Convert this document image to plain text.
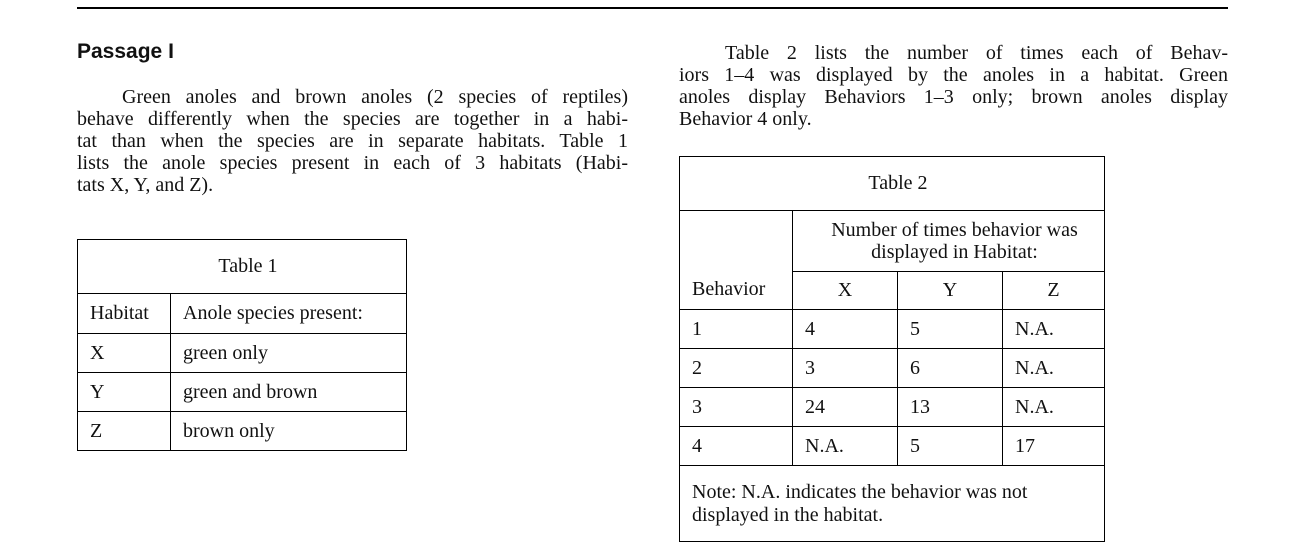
Passage I
Green anoles and brown anoles (2 species of reptiles)
behave differently when the species are together in a habi-
tat than when the species are in separate habitats. Table 1
lists the anole species present in each of 3 habitats (Habi-
tats X, Y, and Z).
Table 2 lists the number of times each of Behav-
iors 1–4 was displayed by the anoles in a habitat. Green
anoles display Behaviors 1–3 only; brown anoles display
Behavior 4 only.
Table 1	
Habitat	Anole species present:
X	green only
Y	green and brown
Z	brown only
Table 2			
Behavior	Number of times behavior was displayed in Habitat:		
	X	Y	Z
1	4	5	N.A.
2	3	6	N.A.
3	24	13	N.A.
4	N.A.	5	17
Note: N.A. indicates the behavior was not displayed in the habitat.			
